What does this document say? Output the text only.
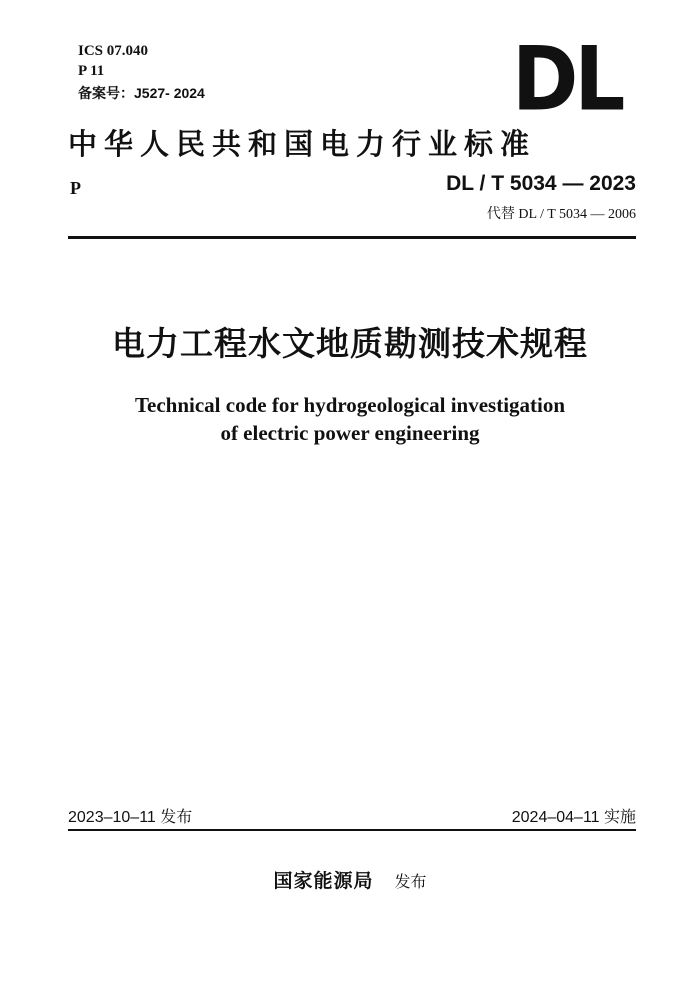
ICS 07.040
P 11
备案号：J527- 2024	DL
中华人民共和国电力行业标准
P	DL / T 5034 — 2023
代替 DL / T 5034 — 2006
电力工程水文地质勘测技术规程
Technical code for hydrogeological investigation
of electric power engineering
2023–10–11 发布	2024–04–11 实施
国家能源局 发布
